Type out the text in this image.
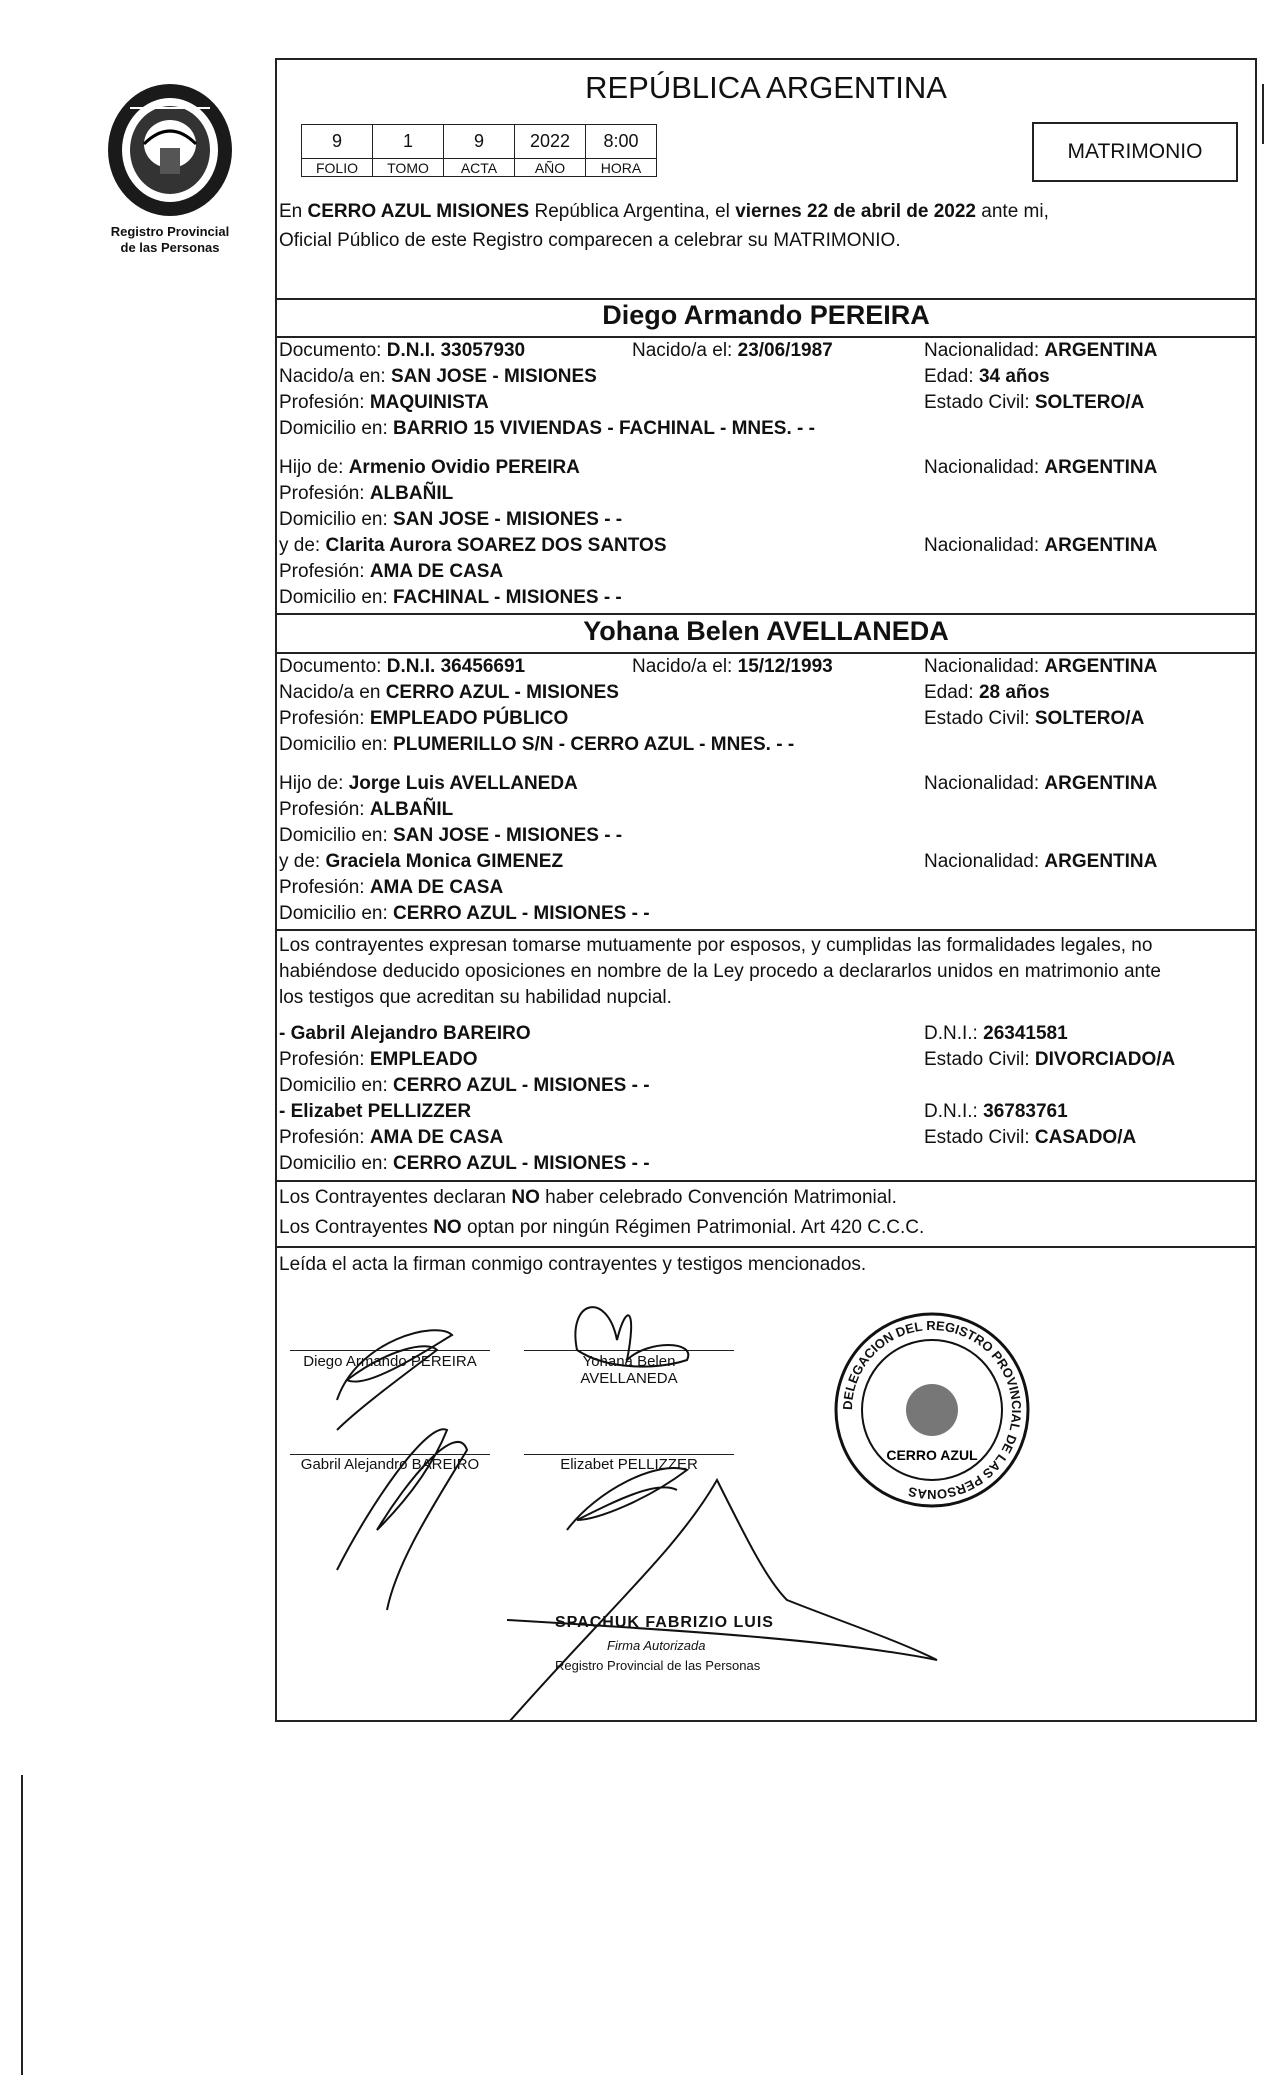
Registro Provincial
de las Personas
REPÚBLICA ARGENTINA
9	1	9	2022	8:00
FOLIO	TOMO	ACTA	AÑO	HORA
MATRIMONIO
En CERRO AZUL MISIONES República Argentina, el viernes 22 de abril de 2022 ante mi,
Oficial Público de este Registro comparecen a celebrar su MATRIMONIO.
Diego Armando PEREIRA
Documento: D.N.I. 33057930	Nacido/a el: 23/06/1987	Nacionalidad: ARGENTINA
Nacido/a en: SAN JOSE - MISIONES	Edad: 34 años
Profesión: MAQUINISTA	Estado Civil: SOLTERO/A
Domicilio en: BARRIO 15 VIVIENDAS - FACHINAL - MNES. - -
Hijo de: Armenio Ovidio PEREIRA	Nacionalidad: ARGENTINA
Profesión: ALBAÑIL
Domicilio en: SAN JOSE - MISIONES - -
y de: Clarita Aurora SOAREZ DOS SANTOS	Nacionalidad: ARGENTINA
Profesión: AMA DE CASA
Domicilio en: FACHINAL - MISIONES - -
Yohana Belen AVELLANEDA
Documento: D.N.I. 36456691	Nacido/a el: 15/12/1993	Nacionalidad: ARGENTINA
Nacido/a en CERRO AZUL - MISIONES	Edad: 28 años
Profesión: EMPLEADO PÚBLICO	Estado Civil: SOLTERO/A
Domicilio en: PLUMERILLO S/N - CERRO AZUL - MNES. - -
Hijo de: Jorge Luis AVELLANEDA	Nacionalidad: ARGENTINA
Profesión: ALBAÑIL
Domicilio en: SAN JOSE - MISIONES - -
y de: Graciela Monica GIMENEZ	Nacionalidad: ARGENTINA
Profesión: AMA DE CASA
Domicilio en: CERRO AZUL - MISIONES - -
Los contrayentes expresan tomarse mutuamente por esposos, y cumplidas las formalidades legales, no
habiéndose deducido oposiciones en nombre de la Ley procedo a declararlos unidos en matrimonio ante
los testigos que acreditan su habilidad nupcial.
- Gabril Alejandro BAREIRO	D.N.I.: 26341581
Profesión: EMPLEADO	Estado Civil: DIVORCIADO/A
Domicilio en: CERRO AZUL - MISIONES - -
- Elizabet PELLIZZER	D.N.I.: 36783761
Profesión: AMA DE CASA	Estado Civil: CASADO/A
Domicilio en: CERRO AZUL - MISIONES - -
Los Contrayentes declaran NO haber celebrado Convención Matrimonial.
Los Contrayentes NO optan por ningún Régimen Patrimonial. Art 420 C.C.C.
Leída el acta la firman conmigo contrayentes y testigos mencionados.
Diego Armando PEREIRA	Yohana Belen
AVELLANEDA
Gabril Alejandro BAREIRO	Elizabet PELLIZZER
SPACHUK FABRIZIO LUIS
Firma Autorizada
Registro Provincial de las Personas
DELEGACION DEL REGISTRO PROVINCIAL DE LAS PERSONAS
CERRO AZUL
